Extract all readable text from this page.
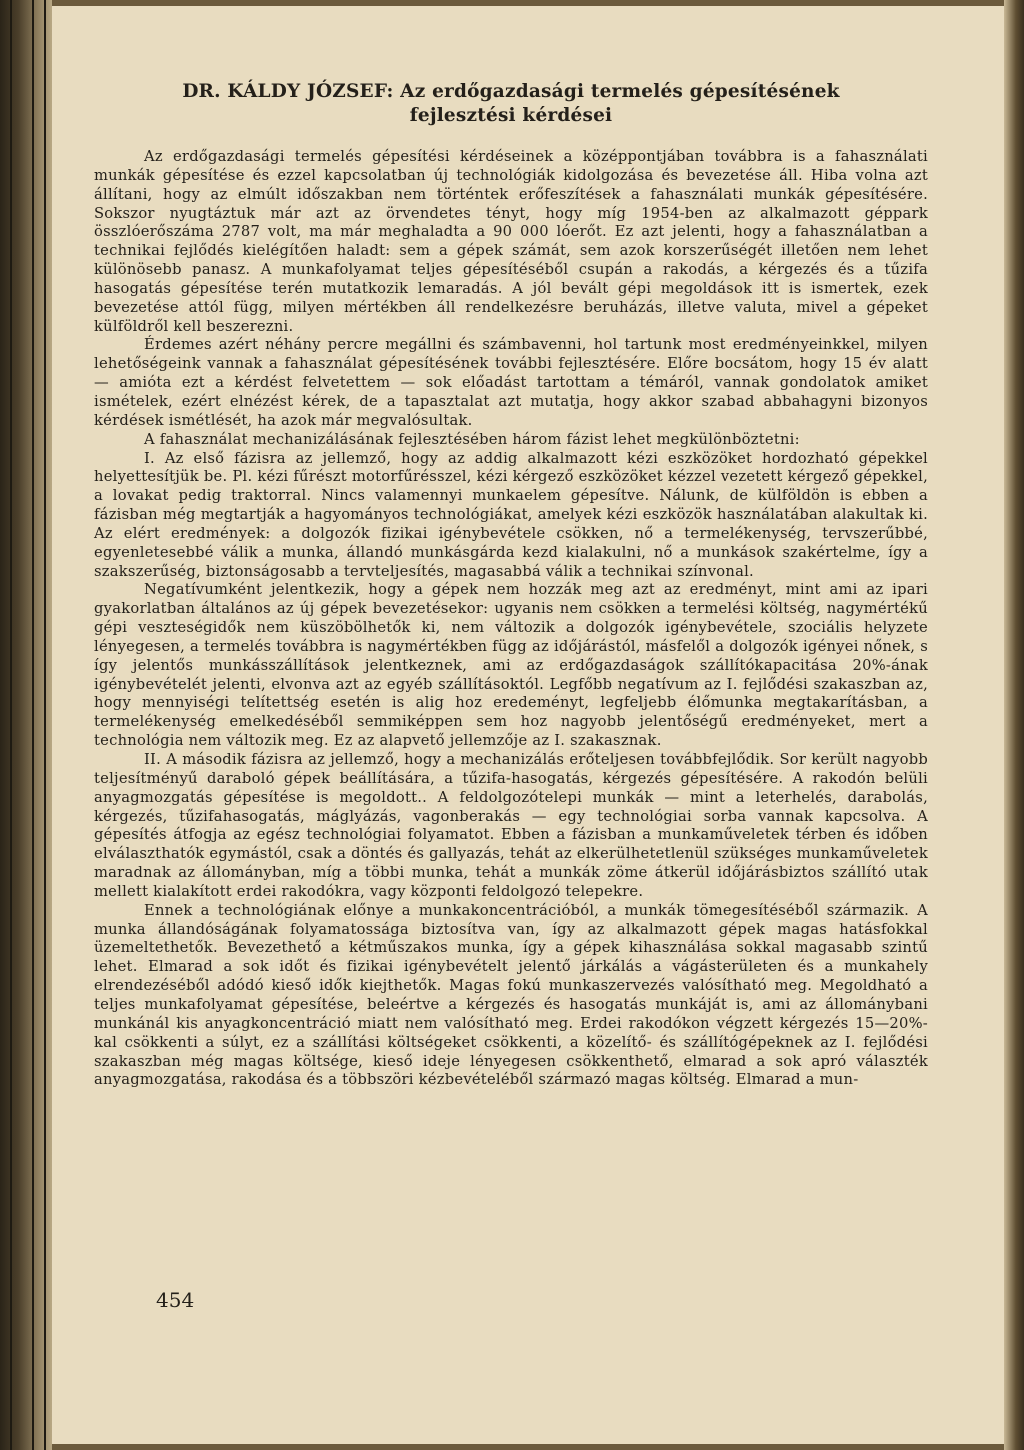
DR. KÁLDY JÓZSEF: Az erdőgazdasági termelés gépesítésének
fejlesztési kérdései

Az erdőgazdasági termelés gépesítési kérdéseinek a középpontjában továbbra is a fahasználati munkák gépesítése és ezzel kapcsolatban új technológiák kidolgozása és bevezetése áll. Hiba volna azt állítani, hogy az elmúlt időszakban nem történtek erőfeszítések a fahasználati munkák gépesítésére. Sokszor nyugtáztuk már azt az örvendetes tényt, hogy míg 1954-ben az alkalmazott géppark összlóerőszáma 2787 volt, ma már meghaladta a 90 000 lóerőt. Ez azt jelenti, hogy a fahasználatban a technikai fejlődés kielégítően haladt: sem a gépek számát, sem azok korszerűségét illetően nem lehet különösebb panasz. A munkafolyamat teljes gépesítéséből csupán a rakodás, a kérgezés és a tűzifa hasogatás gépesítése terén mutatkozik lemaradás. A jól bevált gépi megoldások itt is ismertek, ezek bevezetése attól függ, milyen mértékben áll rendelkezésre beruházás, illetve valuta, mivel a gépeket külföldről kell beszerezni.

Érdemes azért néhány percre megállni és számbavenni, hol tartunk most eredményeinkkel, milyen lehetőségeink vannak a fahasználat gépesítésének további fejlesztésére. Előre bocsátom, hogy 15 év alatt — amióta ezt a kérdést felvetettem — sok előadást tartottam a témáról, vannak gondolatok amiket ismételek, ezért elnézést kérek, de a tapasztalat azt mutatja, hogy akkor szabad abbahagyni bizonyos kérdések ismétlését, ha azok már megvalósultak.

A fahasználat mechanizálásának fejlesztésében három fázist lehet megkülönböztetni:

I. Az első fázisra az jellemző, hogy az addig alkalmazott kézi eszközöket hordozható gépekkel helyettesítjük be. Pl. kézi fűrészt motorfűrésszel, kézi kérgező eszközöket kézzel vezetett kérgező gépekkel, a lovakat pedig traktorral. Nincs valamennyi munkaelem gépesítve. Nálunk, de külföldön is ebben a fázisban még megtartják a hagyományos technológiákat, amelyek kézi eszközök használatában alakultak ki. Az elért eredmények: a dolgozók fizikai igénybevétele csökken, nő a termelékenység, tervszerűbbé, egyenletesebbé válik a munka, állandó munkásgárda kezd kialakulni, nő a munkások szakértelme, így a szakszerűség, biztonságosabb a tervteljesítés, magasabbá válik a technikai színvonal.

Negatívumként jelentkezik, hogy a gépek nem hozzák meg azt az eredményt, mint ami az ipari gyakorlatban általános az új gépek bevezetésekor: ugyanis nem csökken a termelési költség, nagymértékű gépi veszteségidők nem küszöbölhetők ki, nem változik a dolgozók igénybevétele, szociális helyzete lényegesen, a termelés továbbra is nagymértékben függ az időjárástól, másfelől a dolgozók igényei nőnek, s így jelentős munkásszállítások jelentkeznek, ami az erdőgazdaságok szállítókapacitása 20%-ának igénybevételét jelenti, elvonva azt az egyéb szállításoktól. Legfőbb negatívum az I. fejlődési szakaszban az, hogy mennyiségi telítettség esetén is alig hoz eredeményt, legfeljebb élőmunka megtakarításban, a termelékenység emelkedéséből semmiképpen sem hoz nagyobb jelentőségű eredményeket, mert a technológia nem változik meg. Ez az alapvető jellemzője az I. szakasznak.

II. A második fázisra az jellemző, hogy a mechanizálás erőteljesen továbbfejlődik. Sor került nagyobb teljesítményű daraboló gépek beállítására, a tűzifa-hasogatás, kérgezés gépesítésére. A rakodón belüli anyagmozgatás gépesítése is megoldott.. A feldolgozótelepi munkák — mint a leterhelés, darabolás, kérgezés, tűzifahasogatás, máglyázás, vagonberakás — egy technológiai sorba vannak kapcsolva. A gépesítés átfogja az egész technológiai folyamatot. Ebben a fázisban a munkaműveletek térben és időben elválaszthatók egymástól, csak a döntés és gallyazás, tehát az elkerülhetetlenül szükséges munkaműveletek maradnak az állományban, míg a többi munka, tehát a munkák zöme átkerül időjárásbiztos szállító utak mellett kialakított erdei rakodókra, vagy központi feldolgozó telepekre.

Ennek a technológiának előnye a munkakoncentrációból, a munkák tömegesítéséből származik. A munka állandóságának folyamatossága biztosítva van, így az alkalmazott gépek magas hatásfokkal üzemeltethetők. Bevezethető a kétműszakos munka, így a gépek kihasználása sokkal magasabb szintű lehet. Elmarad a sok időt és fizikai igénybevételt jelentő járkálás a vágásterületen és a munkahely elrendezéséből adódó kieső idők kiejthetők. Magas fokú munkaszervezés valósítható meg. Megoldható a teljes munkafolyamat gépesítése, beleértve a kérgezés és hasogatás munkáját is, ami az állománybani munkánál kis anyagkoncentráció miatt nem valósítható meg. Erdei rakodókon végzett kérgezés 15—20%-kal csökkenti a súlyt, ez a szállítási költségeket csökkenti, a közelítő- és szállítógépeknek az I. fejlődési szakaszban még magas költsége, kieső ideje lényegesen csökkenthető, elmarad a sok apró választék anyagmozgatása, rakodása és a többszöri kézbevételéből származó magas költség. Elmarad a mun-

454
